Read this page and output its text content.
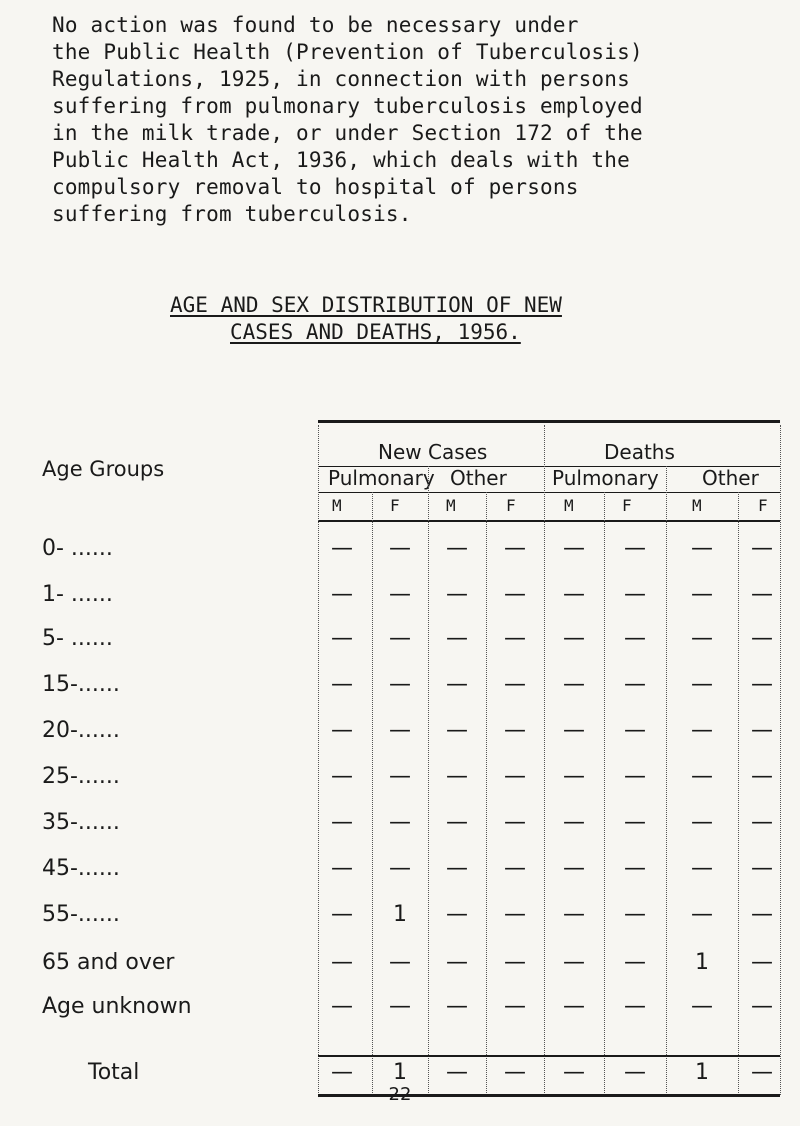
No action was found to be necessary under
the Public Health (Prevention of Tuberculosis)
Regulations, 1925, in connection with persons
suffering from pulmonary tuberculosis employed
in the milk trade, or under Section 172 of the
Public Health Act, 1936, which deals with the
compulsory removal to hospital of persons
suffering from tuberculosis.
AGE AND SEX DISTRIBUTION OF NEW
CASES AND DEATHS, 1956.
Age Groups
New Cases	Deaths
Pulmonary Other Pulmonary Other
M	F	M	F	M	F	M	F
0- ......	—	—	—	—	—	—	—	—
1- ......	—	—	—	—	—	—	—	—
5- ......	—	—	—	—	—	—	—	—
15-......	—	—	—	—	—	—	—	—
20-......	—	—	—	—	—	—	—	—
25-......	—	—	—	—	—	—	—	—
35-......	—	—	—	—	—	—	—	—
45-......	—	—	—	—	—	—	—	—
55-......	—	1	—	—	—	—	—	—
65 and over	—	—	—	—	—	—	1	—
Age unknown	—	—	—	—	—	—	—	—
Total	—	1	—	—	—	—	1	—
-22-
